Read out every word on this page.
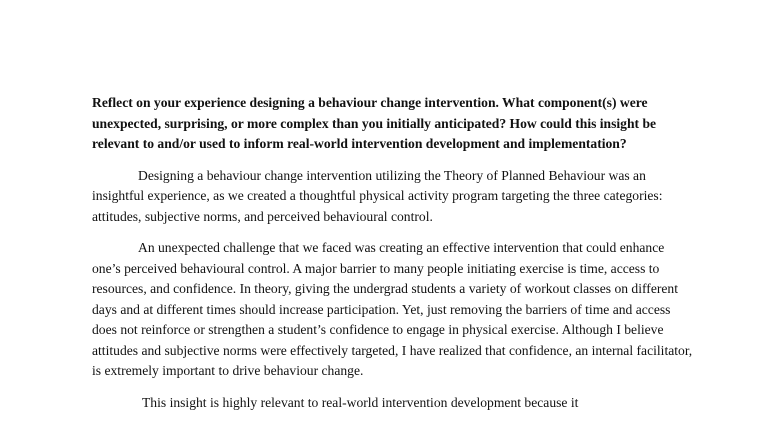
Reflect on your experience designing a behaviour change intervention. What component(s) were unexpected, surprising, or more complex than you initially anticipated? How could this insight be relevant to and/or used to inform real-world intervention development and implementation?

Designing a behaviour change intervention utilizing the Theory of Planned Behaviour was an insightful experience, as we created a thoughtful physical activity program targeting the three categories: attitudes, subjective norms, and perceived behavioural control.

An unexpected challenge that we faced was creating an effective intervention that could enhance one’s perceived behavioural control. A major barrier to many people initiating exercise is time, access to resources, and confidence. In theory, giving the undergrad students a variety of workout classes on different days and at different times should increase participation. Yet, just removing the barriers of time and access does not reinforce or strengthen a student’s confidence to engage in physical exercise. Although I believe attitudes and subjective norms were effectively targeted, I have realized that confidence, an internal facilitator, is extremely important to drive behaviour change.

This insight is highly relevant to real-world intervention development because it
